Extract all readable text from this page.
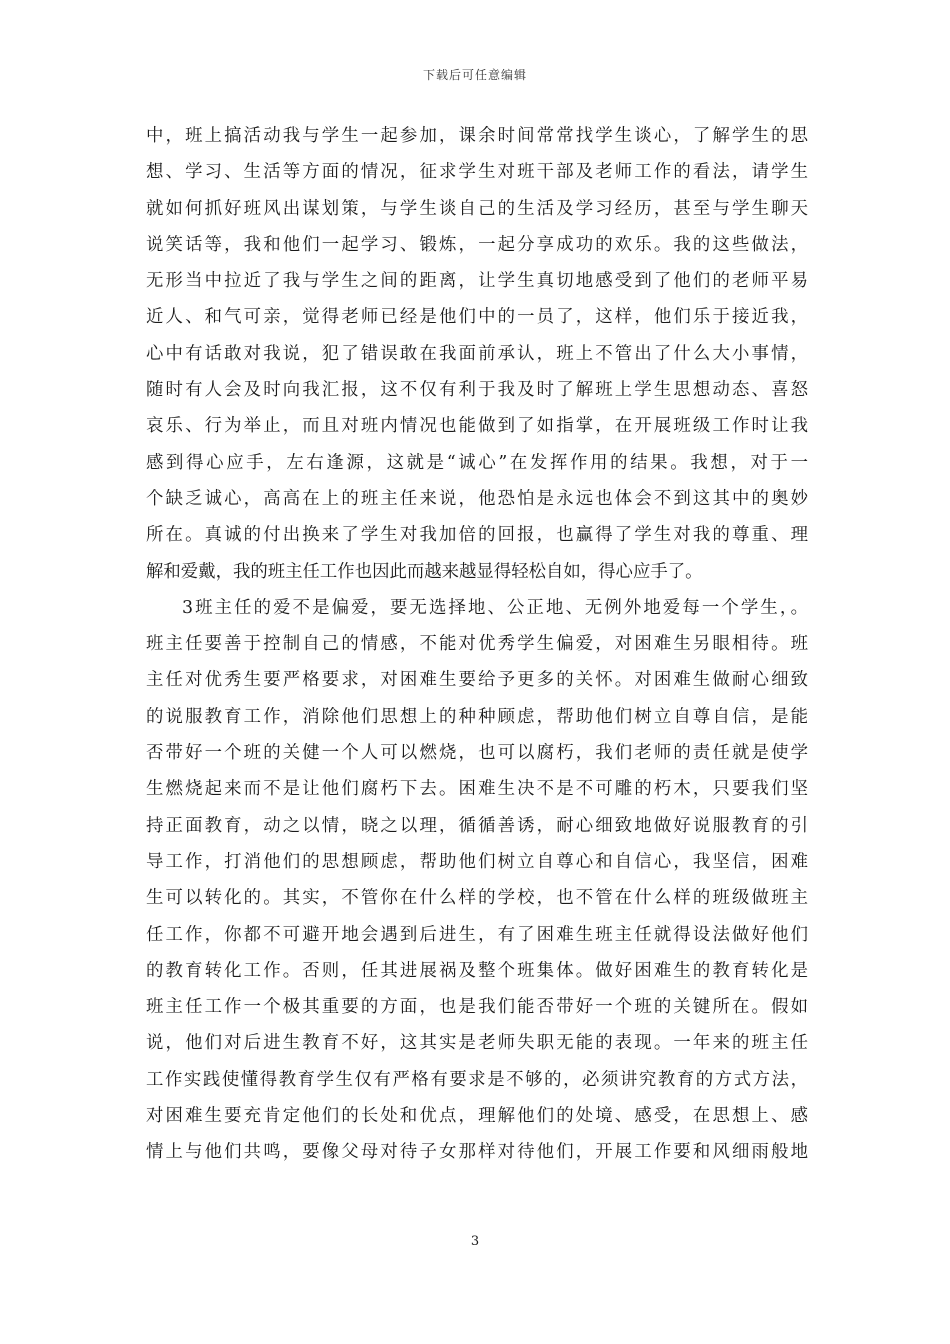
下载后可任意编辑
中，班上搞活动我与学生一起参加，课余时间常常找学生谈心，了解学生的思
想、学习、生活等方面的情况，征求学生对班干部及老师工作的看法，请学生
就如何抓好班风出谋划策，与学生谈自己的生活及学习经历，甚至与学生聊天
说笑话等，我和他们一起学习、锻炼，一起分享成功的欢乐。我的这些做法，
无形当中拉近了我与学生之间的距离，让学生真切地感受到了他们的老师平易
近人、和气可亲，觉得老师已经是他们中的一员了，这样，他们乐于接近我，
心中有话敢对我说，犯了错误敢在我面前承认，班上不管出了什么大小事情，
随时有人会及时向我汇报，这不仅有利于我及时了解班上学生思想动态、喜怒
哀乐、行为举止，而且对班内情况也能做到了如指掌，在开展班级工作时让我
感到得心应手，左右逢源，这就是“诚心”在发挥作用的结果。我想，对于一
个缺乏诚心，高高在上的班主任来说，他恐怕是永远也体会不到这其中的奥妙
所在。真诚的付出换来了学生对我加倍的回报，也赢得了学生对我的尊重、理
解和爱戴，我的班主任工作也因此而越来越显得轻松自如，得心应手了。
3班主任的爱不是偏爱，要无选择地、公正地、无例外地爱每一个学生，。
班主任要善于控制自己的情感，不能对优秀学生偏爱，对困难生另眼相待。班
主任对优秀生要严格要求，对困难生要给予更多的关怀。对困难生做耐心细致
的说服教育工作，消除他们思想上的种种顾虑，帮助他们树立自尊自信，是能
否带好一个班的关健一个人可以燃烧，也可以腐朽，我们老师的责任就是使学
生燃烧起来而不是让他们腐朽下去。困难生决不是不可雕的朽木，只要我们坚
持正面教育，动之以情，晓之以理，循循善诱，耐心细致地做好说服教育的引
导工作，打消他们的思想顾虑，帮助他们树立自尊心和自信心，我坚信，困难
生可以转化的。其实，不管你在什么样的学校，也不管在什么样的班级做班主
任工作，你都不可避开地会遇到后进生，有了困难生班主任就得设法做好他们
的教育转化工作。否则，任其进展祸及整个班集体。做好困难生的教育转化是
班主任工作一个极其重要的方面，也是我们能否带好一个班的关键所在。假如
说，他们对后进生教育不好，这其实是老师失职无能的表现。一年来的班主任
工作实践使懂得教育学生仅有严格有要求是不够的，必须讲究教育的方式方法，
对困难生要充肯定他们的长处和优点，理解他们的处境、感受，在思想上、感
情上与他们共鸣，要像父母对待子女那样对待他们，开展工作要和风细雨般地
3
